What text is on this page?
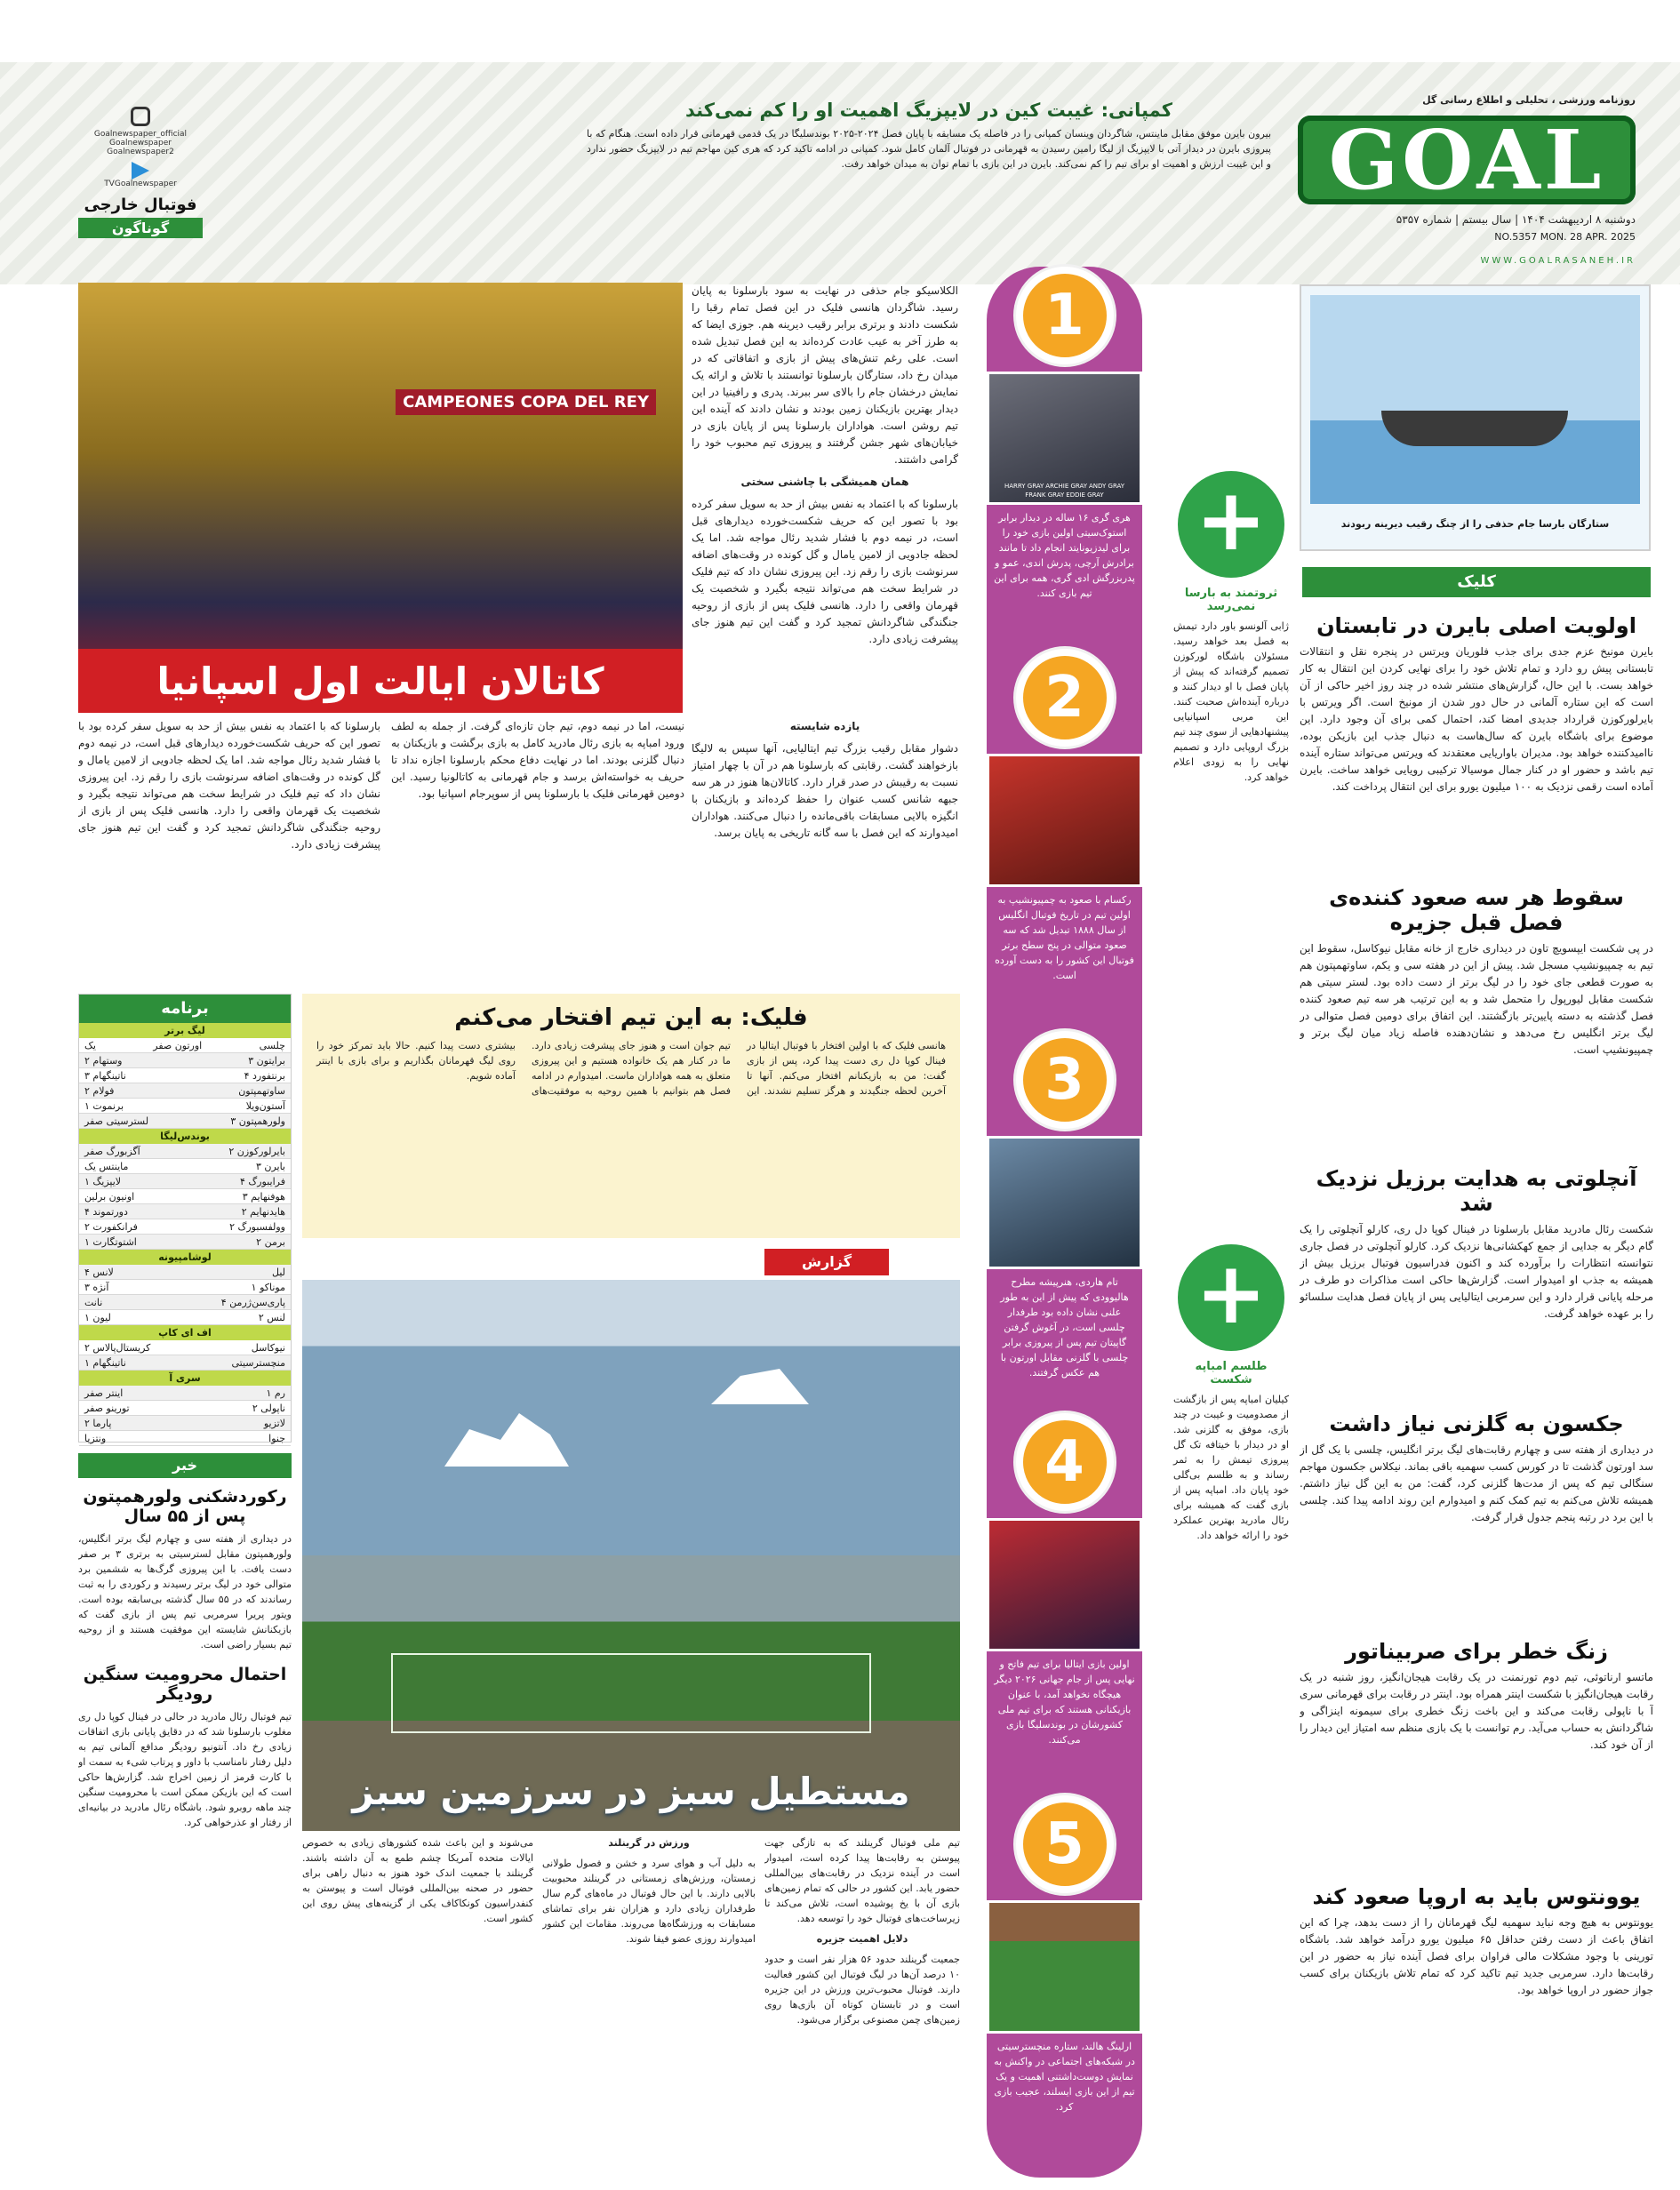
GOAL
روزنامه ورزشی ، تحلیلی و اطلاع رسانی گل
دوشنبه ۸ اردیبهشت ۱۴۰۴ | سال بیستم | شماره ۵۳۵۷
NO.5357 MON. 28 APR. 2025
WWW.GOALRASANEH.IR
Goalnewspaper_official
Goalnewspaper
Goalnewspaper2
TVGoalnewspaper
فوتبال خارجی
گوناگون
کمپانی: غیبت کین در لایپزیگ اهمیت او را کم نمی‌کند
بیرون بایرن موفق مقابل ماینتس، شاگردان وینسان کمپانی را در فاصله یک مسابقه با پایان فصل ۲۰۲۴-۲۰۲۵ بوندسلیگا در یک قدمی قهرمانی قرار داده است. هنگام که با پیروزی بایرن در دیدار آتی با لایپزیگ از لیگا رامین رسیدن به قهرمانی در فوتبال آلمان کامل شود. کمپانی در ادامه تاکید کرد که هری کین مهاجم تیم در لایپزیگ حضور ندارد و این غیبت ارزش و اهمیت او برای تیم را کم نمی‌کند. بایرن در این بازی با تمام توان به میدان خواهد رفت.
ستارگان بارسا جام حذفی را از چنگ رقیب دیرینه ربودند
کلیک
اولویت اصلی بایرن در تابستان
بایرن مونیخ عزم جدی برای جذب فلوریان ویرتس در پنجره نقل و انتقالات تابستانی پیش رو دارد و تمام تلاش خود را برای نهایی کردن این انتقال به کار خواهد بست. با این حال، گزارش‌های منتشر شده در چند روز اخیر حاکی از آن است که این ستاره آلمانی در حال دور شدن از مونیخ است. اگر ویرتس با بایرلورکوزن قرارداد جدیدی امضا کند، احتمال کمی برای آن وجود دارد. این موضوع برای باشگاه بایرن که سال‌هاست به دنبال جذب این بازیکن بوده، ناامیدکننده خواهد بود. مدیران باواریایی معتقدند که ویرتس می‌تواند ستاره آینده تیم باشد و حضور او در کنار جمال موسیالا ترکیبی رویایی خواهد ساخت. بایرن آماده است رقمی نزدیک به ۱۰۰ میلیون یورو برای این انتقال پرداخت کند.
سقوط هر سه صعود کننده‌ی فصل قبل جزیره
در پی شکست ایپسویچ تاون در دیداری خارج از خانه مقابل نیوکاسل، سقوط این تیم به چمپیونشیپ مسجل شد. پیش از این در هفته سی و یکم، ساوتهمپتون هم به صورت قطعی جای خود را در لیگ برتر از دست داده بود. لستر سیتی هم شکست مقابل لیورپول را متحمل شد و به این ترتیب هر سه تیم صعود کننده فصل گذشته به دسته پایین‌تر بازگشتند. این اتفاق برای دومین فصل متوالی در لیگ برتر انگلیس رخ می‌دهد و نشان‌دهنده فاصله زیاد میان لیگ برتر و چمپیونشیپ است.
آنچلوتی به هدایت برزیل نزدیک شد
شکست رئال مادرید مقابل بارسلونا در فینال کوپا دل ری، کارلو آنچلوتی را یک گام دیگر به جدایی از جمع کهکشانی‌ها نزدیک کرد. کارلو آنچلوتی در فصل جاری نتوانسته انتظارات را برآورده کند و اکنون فدراسیون فوتبال برزیل بیش از همیشه به جذب او امیدوار است. گزارش‌ها حاکی است مذاکرات دو طرف در مرحله پایانی قرار دارد و این سرمربی ایتالیایی پس از پایان فصل هدایت سلسائو را بر عهده خواهد گرفت.
جکسون به گلزنی نیاز داشت
در دیداری از هفته سی و چهارم رقابت‌های لیگ برتر انگلیس، چلسی با یک گل از سد اورتون گذشت تا در کورس کسب سهمیه باقی بماند. نیکلاس جکسون مهاجم سنگالی تیم که پس از مدت‌ها گلزنی کرد، گفت: من به این گل نیاز داشتم. همیشه تلاش می‌کنم به تیم کمک کنم و امیدوارم این روند ادامه پیدا کند. چلسی با این برد در رتبه پنجم جدول قرار گرفت.
زنگ خطر برای صربیناتور
ماتسو ارناتوئی، تیم دوم تورنمنت در یک رقابت هیجان‌انگیز، روز شنبه در یک رقابت هیجان‌انگیز با شکست اینتر همراه بود. اینتر در رقابت برای قهرمانی سری آ با ناپولی رقابت می‌کند و این باخت زنگ خطری برای سیمونه اینزاگی و شاگردانش به حساب می‌آید. رم توانست با یک بازی منظم سه امتیاز این دیدار را از آن خود کند.
یوونتوس باید به اروپا صعود کند
یوونتوس به هیچ وجه نباید سهمیه لیگ قهرمانان را از دست بدهد، چرا که این اتفاق باعث از دست رفتن حداقل ۶۵ میلیون یورو درآمد خواهد شد. باشگاه تورینی با وجود مشکلات مالی فراوان برای فصل آینده نیاز به حضور در این رقابت‌ها دارد. سرمربی جدید تیم تاکید کرد که تمام تلاش بازیکنان برای کسب جواز حضور در اروپا خواهد بود.
+
ثروتمند به بارسا نمی‌رسد
ژابی آلونسو باور دارد تیمش به فصل بعد خواهد رسید. مسئولان باشگاه لورکوزن تصمیم گرفته‌اند که پیش از پایان فصل با او دیدار کنند و درباره آینده‌اش صحبت کنند. این مربی اسپانیایی پیشنهادهایی از سوی چند تیم بزرگ اروپایی دارد و تصمیم نهایی را به زودی اعلام خواهد کرد.
+
طلسم امباپه شکست
کیلیان امباپه پس از بازگشت از مصدومیت و غیبت در چند بازی، موفق به گلزنی شد. او در دیدار با خیتافه تک گل پیروزی تیمش را به ثمر رساند و به طلسم بی‌گلی خود پایان داد. امباپه پس از بازی گفت که همیشه برای رئال مادرید بهترین عملکرد خود را ارائه خواهد داد.
1
HARRY GRAY ARCHIE GRAY ANDY GRAY
FRANK GRAY EDDIE GRAY
هری گری ۱۶ ساله در دیدار برابر استوک‌سیتی اولین بازی خود را برای لیدزیونایتد انجام داد تا مانند برادرش آرچی، پدرش اندی، عمو و پدربزرگش ادی گری، همه برای این تیم بازی کنند.
2
رکسام با صعود به چمپیونشیپ به اولین تیم در تاریخ فوتبال انگلیس از سال ۱۸۸۸ تبدیل شد که سه صعود متوالی در پنج سطح برتر فوتبال این کشور را به دست آورده است.
3
تام هاردی، هنرپیشه مطرح هالیوودی که پیش از این به طور علنی نشان داده بود طرفدار چلسی است، در آغوش گرفتن گاپیتان تیم پس از پیروزی برابر چلسی با گلزنی مقابل اورتون با هم عکس گرفتند.
4
اولین بازی ایتالیا برای تیم فاتح و نهایی پس از جام جهانی ۲۰۲۶ دیگر هیچگاه نخواهد آمد، با عنوان بازیکنانی هستند که برای تیم ملی کشورشان در بوندسلیگا بازی می‌کنند.
5
ارلینگ هالند، ستاره منچسترسیتی در شبکه‌های اجتماعی در واکنش به نمایش دوست‌داشتنی اهمیت و یک تیم از این بازی ایسلند، عجیب بازی کرد.
CAMPEONES COPA DEL REY
کاتالان ایالت اول اسپانیا
الکلاسیکو جام حذفی در نهایت به سود بارسلونا به پایان رسید. شاگردان هانسی فلیک در این فصل تمام رقبا را شکست دادند و برتری برابر رقیب دیرینه هم. جوزی ایضا که به طرز آخر به عیب عادت کرده‌اند به این فصل تبدیل شده است. علی رغم تنش‌های پیش از بازی و اتفاقاتی که در میدان رخ داد، ستارگان بارسلونا توانستند با تلاش و ارائه یک نمایش درخشان جام را بالای سر ببرند. پدری و رافینیا در این دیدار بهترین بازیکنان زمین بودند و نشان دادند که آینده این تیم روشن است. هواداران بارسلونا پس از پایان بازی در خیابان‌های شهر جشن گرفتند و پیروزی تیم محبوب خود را گرامی داشتند.
همان همیشگی با چاشنی سختی
بارسلونا که با اعتماد به نفس بیش از حد به سویل سفر کرده بود با تصور این که حریف شکست‌خورده دیدارهای قبل است، در نیمه دوم با فشار شدید رئال مواجه شد. اما یک لحظه جادویی از لامین یامال و گل کونده در وقت‌های اضافه سرنوشت بازی را رقم زد. این پیروزی نشان داد که تیم فلیک در شرایط سخت هم می‌تواند نتیجه بگیرد و شخصیت یک قهرمان واقعی را دارد. هانسی فلیک پس از بازی از روحیه جنگندگی شاگردانش تمجید کرد و گفت این تیم هنوز جای پیشرفت زیادی دارد.
یازده شایسته
دشوار مقابل رقیب بزرگ تیم ایتالیایی، آنها سپس به لالیگا بازخواهند گشت. رقابتی که بارسلونا هم در آن با چهار امتیاز نسبت به رقیبش در صدر قرار دارد. کاتالان‌ها هنوز در هر سه جبهه شانس کسب عنوان را حفظ کرده‌اند و بازیکنان با انگیزه بالایی مسابقات باقی‌مانده را دنبال می‌کنند. هواداران امیدوارند که این فصل با سه گانه تاریخی به پایان برسد.
نیست، اما در نیمه دوم، تیم جان تازه‌ای گرفت. از جمله به لطف ورود امباپه به بازی رئال مادرید کامل به بازی برگشت و بازیکنان به دنبال گلزنی بودند. اما در نهایت دفاع محکم بارسلونا اجازه نداد تا حریف به خواسته‌اش برسد و جام قهرمانی به کاتالونیا رسید. این دومین قهرمانی فلیک با بارسلونا پس از سوپرجام اسپانیا بود.
بارسلونا که با اعتماد به نفس بیش از حد به سویل سفر کرده بود با تصور این که حریف شکست‌خورده دیدارهای قبل است، در نیمه دوم با فشار شدید رئال مواجه شد. اما یک لحظه جادویی از لامین یامال و گل کونده در وقت‌های اضافه سرنوشت بازی را رقم زد. این پیروزی نشان داد که تیم فلیک در شرایط سخت هم می‌تواند نتیجه بگیرد و شخصیت یک قهرمان واقعی را دارد. هانسی فلیک پس از بازی از روحیه جنگندگی شاگردانش تمجید کرد و گفت این تیم هنوز جای پیشرفت زیادی دارد.
فلیک: به این تیم افتخار می‌کنم
هانسی فلیک که با اولین افتخار با فوتبال ایتالیا در فینال کوپا دل ری دست پیدا کرد، پس از بازی گفت: من به بازیکنانم افتخار می‌کنم. آنها تا آخرین لحظه جنگیدند و هرگز تسلیم نشدند. این تیم جوان است و هنوز جای پیشرفت زیادی دارد. ما در کنار هم یک خانواده هستیم و این پیروزی متعلق به همه هواداران ماست. امیدوارم در ادامه فصل هم بتوانیم با همین روحیه به موفقیت‌های بیشتری دست پیدا کنیم. حالا باید تمرکز خود را روی لیگ قهرمانان بگذاریم و برای بازی با اینتر آماده شویم.
برنامه
لیگ برتر
چلسی
اورتون صفر
یک
برایتون ۳
وستهام ۲
برنتفورد ۴
ناتینگهام ۳
ساوتهمپتون
فولام ۲
آستون‌ویلا
برنموت ۱
ولورهمپتون ۳
لسترسیتی صفر
بوندس‌لیگا
بایرلورکوزن ۲
آگزبورگ صفر
بایرن ۳
ماینتس یک
فرایبورگ ۴
لایپزیگ ۱
هوفنهایم ۳
اونیون برلین
هایدنهایم ۲
دورتموند ۴
وولفسبورگ ۲
فرانکفورت ۲
برمن ۲
اشتوتگارت ۱
لوشامپیونه
لیل
لانس ۴
موناکو ۱
آنژه ۳
پاری‌سن‌ژرمن ۴
نانت
لنس ۲
لیون ۱
اف ای کاپ
نیوکاسل
کریستال‌پالاس ۲
منچسترسیتی
ناتینگهام ۱
سری آ
رم ۱
اینتر صفر
ناپولی ۲
تورینو صفر
لاتزیو
پارما ۲
جنوا
ونتزیا
خبر
رکوردشکنی ولورهمپتون پس از ۵۵ سال
در دیداری از هفته سی و چهارم لیگ برتر انگلیس، ولورهمپتون مقابل لسترسیتی به برتری ۳ بر صفر دست یافت. با این پیروزی گرگ‌ها به ششمین برد متوالی خود در لیگ برتر رسیدند و رکوردی را به ثبت رساندند که در ۵۵ سال گذشته بی‌سابقه بوده است. ویتور پریرا سرمربی تیم پس از بازی گفت که بازیکنانش شایسته این موفقیت هستند و از روحیه تیم بسیار راضی است.
احتمال محرومیت سنگین رودیگر
تیم فوتبال رئال مادرید در حالی در فینال کوپا دل ری مغلوب بارسلونا شد که در دقایق پایانی بازی اتفاقات زیادی رخ داد. آنتونیو رودیگر مدافع آلمانی تیم به دلیل رفتار نامناسب با داور و پرتاب شیء به سمت او با کارت قرمز از زمین اخراج شد. گزارش‌ها حاکی است که این بازیکن ممکن است با محرومیت سنگین چند ماهه روبرو شود. باشگاه رئال مادرید در بیانیه‌ای از رفتار او عذرخواهی کرد.
گزارش
مستطیل سبز در سرزمین سبز
تیم ملی فوتبال گرینلند که به تازگی جهت پیوستن به رقابت‌ها پیدا کرده است، امیدوار است در آینده نزدیک در رقابت‌های بین‌المللی حضور یابد. این کشور در حالی که تمام زمین‌های بازی آن با یخ پوشیده است، تلاش می‌کند تا زیرساخت‌های فوتبال خود را توسعه دهد.
دلایل اهمیت جزیره
جمعیت گرینلند حدود ۵۶ هزار نفر است و حدود ۱۰ درصد آن‌ها در لیگ فوتبال این کشور فعالیت دارند. فوتبال محبوب‌ترین ورزش در این جزیره است و در تابستان کوتاه آن بازی‌ها روی زمین‌های چمن مصنوعی برگزار می‌شود.
ورزش در گرینلند
به دلیل آب و هوای سرد و خشن و فصول طولانی زمستان، ورزش‌های زمستانی در گرینلند محبوبیت بالایی دارند. با این حال فوتبال در ماه‌های گرم سال طرفداران زیادی دارد و هزاران نفر برای تماشای مسابقات به ورزشگاه‌ها می‌روند. مقامات این کشور امیدوارند روزی عضو فیفا شوند.
می‌شوند و این باعث شده کشورهای زیادی به خصوص ایالات متحده آمریکا چشم طمع به آن داشته باشند. گرینلند با جمعیت اندک خود هنوز به دنبال راهی برای حضور در صحنه بین‌المللی فوتبال است و پیوستن به کنفدراسیون کونکاکاف یکی از گزینه‌های پیش روی این کشور است.
